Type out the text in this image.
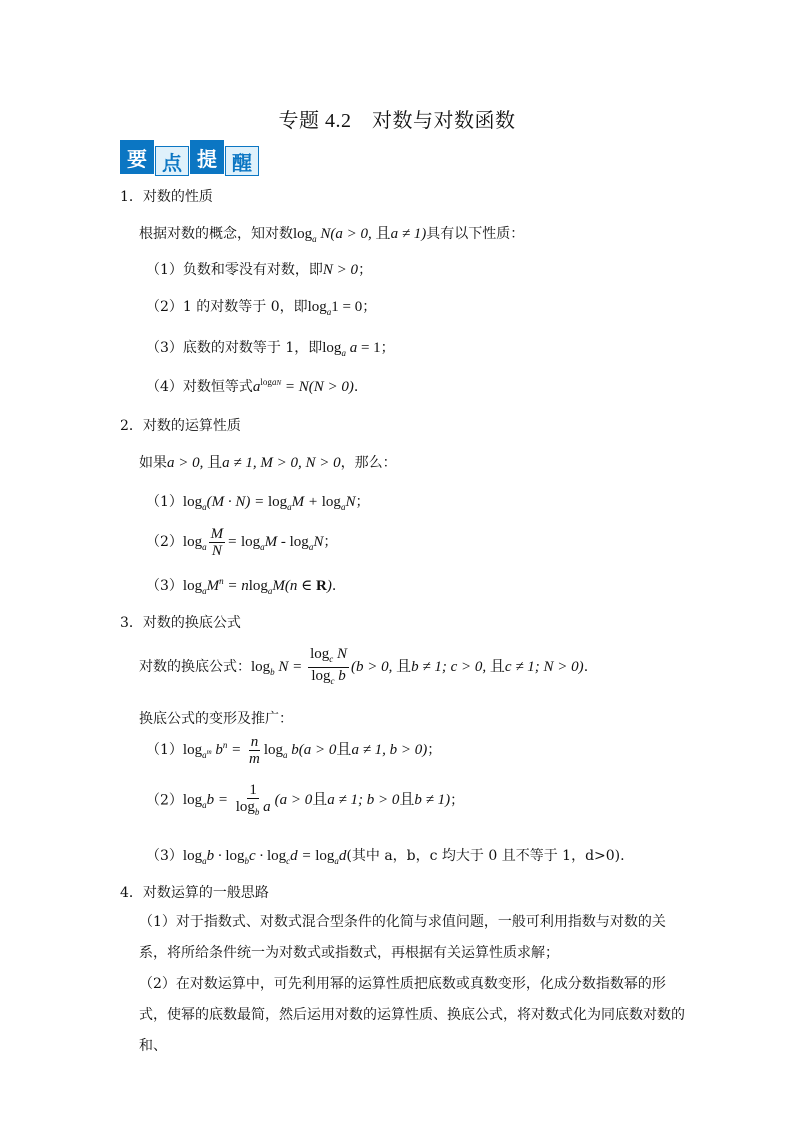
专题 4.2　对数与对数函数
要 点 提 醒
1．对数的性质
根据对数的概念，知对数$\log_a N(a > 0$, 且a ≠ 1)具有以下性质：
（1）负数和零没有对数，即N > 0；
（2）1 的对数等于 0，即$\log_a1 = 0$；
（3）底数的对数等于 1，即$\log_a a = 1$；
（4）对数恒等式$a^{logaN} = N(N > 0)$.
2．对数的运算性质
如果a > 0, 且a ≠ 1, M > 0, N > 0，那么：
$(1)\log_a(M \cdot N) = \log_aM + \log_aN$；
$(2)\log_a \frac{M}{N} = \log_aM - \log_aN$；
$(3)\log_aM^n = nlog_aM(n$ ∈ R).
3．对数的换底公式
对数的换底公式：$\log_b N = \frac{\log_c N}{\log_c b} (b > 0$, 且b ≠ 1; c > 0, 且c ≠ 1; N > 0).
换底公式的变形及推广：
$(1)\log_{a^m}$ $b^n = \frac{n}{m} \log_a b(a > 0$且a ≠ 1, b > 0)；
$(2)\log_ab = \frac{1}{\log_b a} (a > 0$且a ≠ 1; b > 0且b ≠ 1)；
$(3)\log_ab \cdot \log_bc \cdot \log_cd = \log_ad$(其中 a，b，c 均大于 0 且不等于 1，d>0).
4．对数运算的一般思路
（1）对于指数式、对数式混合型条件的化简与求值问题，一般可利用指数与对数的关系，将所给条件统一为对数式或指数式，再根据有关运算性质求解；
（2）在对数运算中，可先利用幂的运算性质把底数或真数变形，化成分数指数幂的形式，使幂的底数最简，然后运用对数的运算性质、换底公式，将对数式化为同底数对数的和、
